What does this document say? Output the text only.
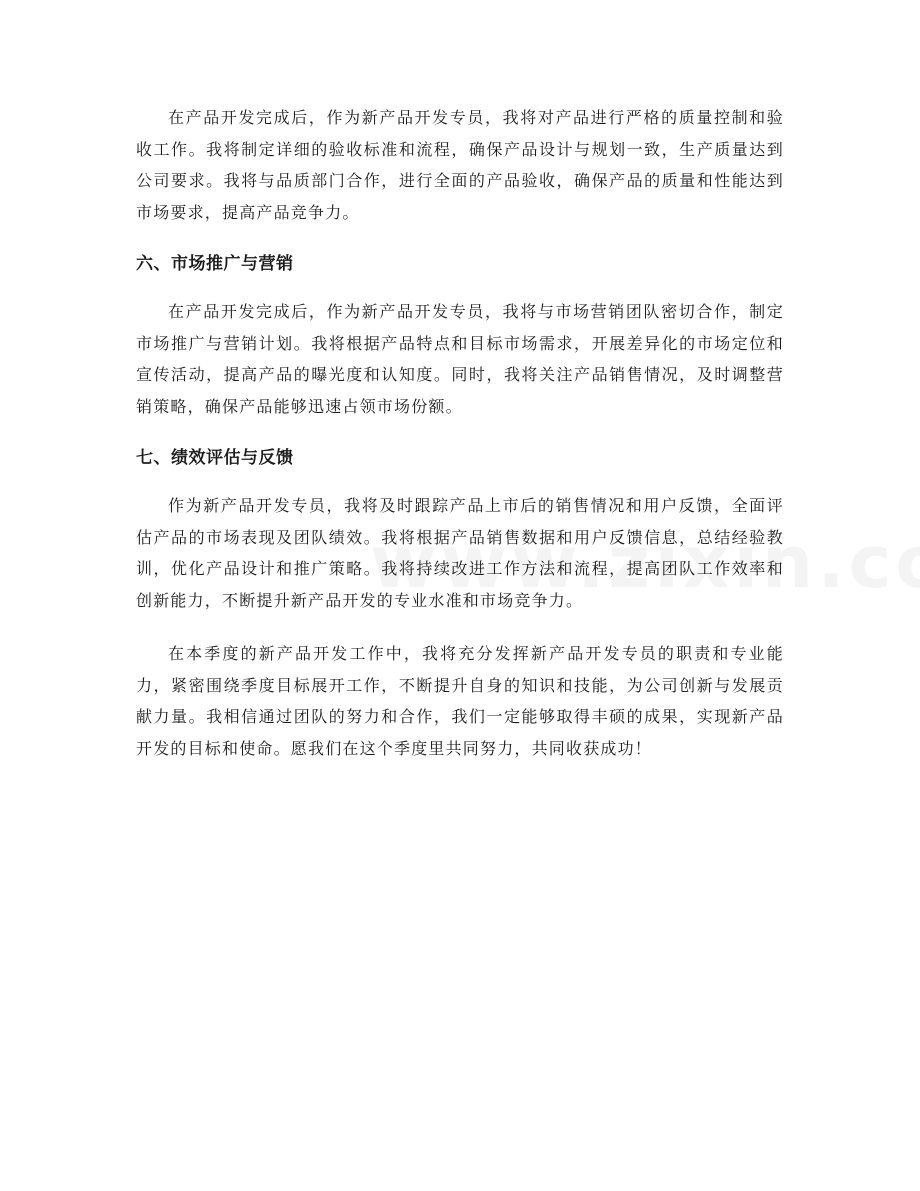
在产品开发完成后，作为新产品开发专员，我将对产品进行严格的质量控制和验收工作。我将制定详细的验收标准和流程，确保产品设计与规划一致，生产质量达到公司要求。我将与品质部门合作，进行全面的产品验收，确保产品的质量和性能达到市场要求，提高产品竞争力。

六、市场推广与营销

在产品开发完成后，作为新产品开发专员，我将与市场营销团队密切合作，制定市场推广与营销计划。我将根据产品特点和目标市场需求，开展差异化的市场定位和宣传活动，提高产品的曝光度和认知度。同时，我将关注产品销售情况，及时调整营销策略，确保产品能够迅速占领市场份额。

七、绩效评估与反馈

作为新产品开发专员，我将及时跟踪产品上市后的销售情况和用户反馈，全面评估产品的市场表现及团队绩效。我将根据产品销售数据和用户反馈信息，总结经验教训，优化产品设计和推广策略。我将持续改进工作方法和流程，提高团队工作效率和创新能力，不断提升新产品开发的专业水准和市场竞争力。

在本季度的新产品开发工作中，我将充分发挥新产品开发专员的职责和专业能力，紧密围绕季度目标展开工作，不断提升自身的知识和技能，为公司创新与发展贡献力量。我相信通过团队的努力和合作，我们一定能够取得丰硕的成果，实现新产品开发的目标和使命。愿我们在这个季度里共同努力，共同收获成功！
